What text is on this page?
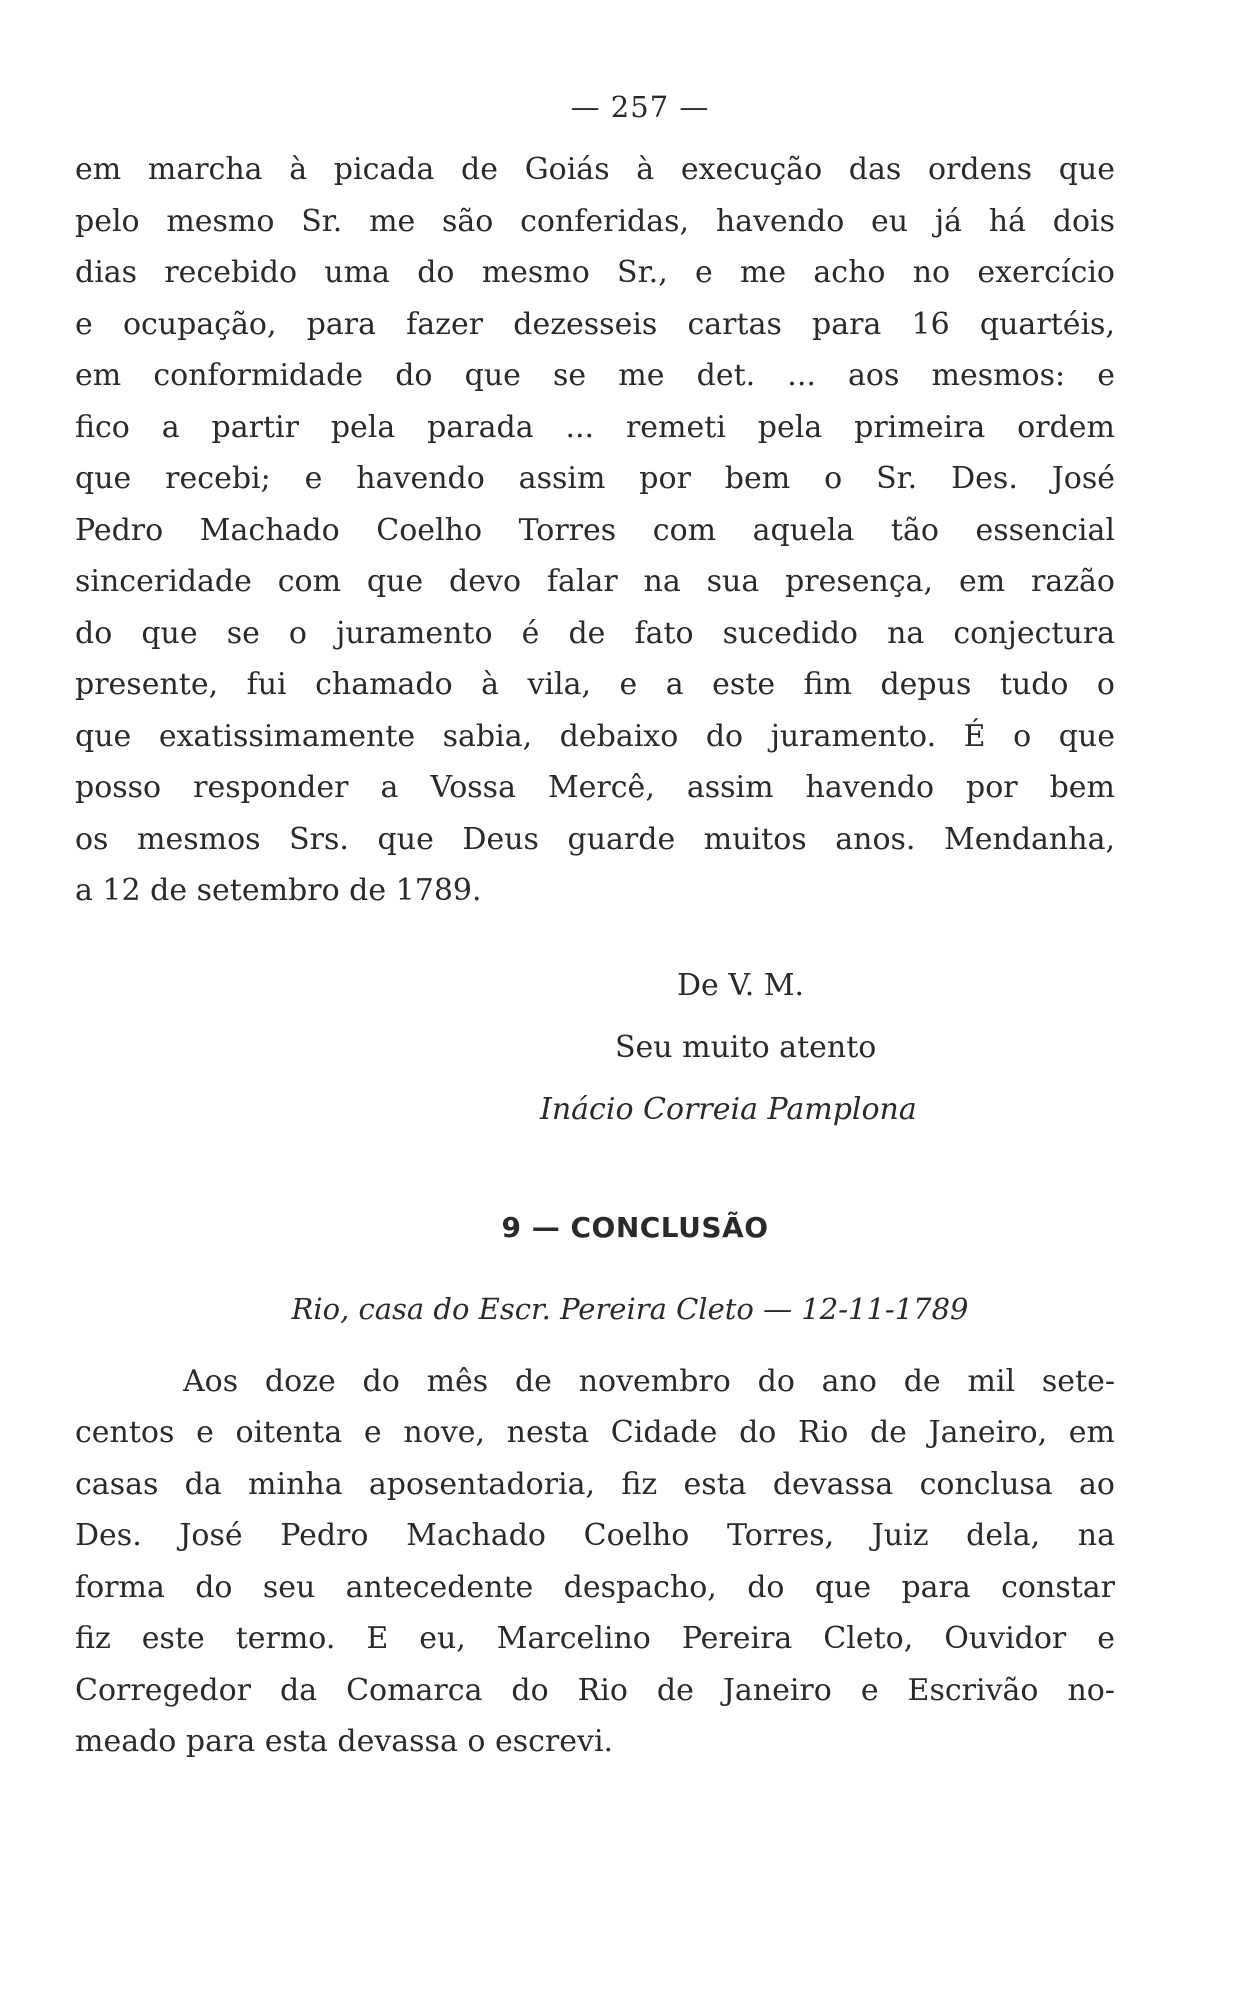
— 257 —
em marcha à picada de Goiás à execução das ordens que
pelo mesmo Sr. me são conferidas, havendo eu já há dois
dias recebido uma do mesmo Sr., e me acho no exercício
e ocupação, para fazer dezesseis cartas para 16 quartéis,
em conformidade do que se me det. ... aos mesmos: e
fico a partir pela parada ... remeti pela primeira ordem
que recebi; e havendo assim por bem o Sr. Des. José
Pedro Machado Coelho Torres com aquela tão essencial
sinceridade com que devo falar na sua presença, em razão
do que se o juramento é de fato sucedido na conjectura
presente, fui chamado à vila, e a este fim depus tudo o
que exatissimamente sabia, debaixo do juramento. É o que
posso responder a Vossa Mercê, assim havendo por bem
os mesmos Srs. que Deus guarde muitos anos. Mendanha,
a 12 de setembro de 1789.
De V. M.
Seu muito atento
Inácio Correia Pamplona
9 — CONCLUSÃO
Rio, casa do Escr. Pereira Cleto — 12-11-1789
Aos doze do mês de novembro do ano de mil sete-
centos e oitenta e nove, nesta Cidade do Rio de Janeiro, em
casas da minha aposentadoria, fiz esta devassa conclusa ao
Des. José Pedro Machado Coelho Torres, Juiz dela, na
forma do seu antecedente despacho, do que para constar
fiz este termo. E eu, Marcelino Pereira Cleto, Ouvidor e
Corregedor da Comarca do Rio de Janeiro e Escrivão no-
meado para esta devassa o escrevi.
